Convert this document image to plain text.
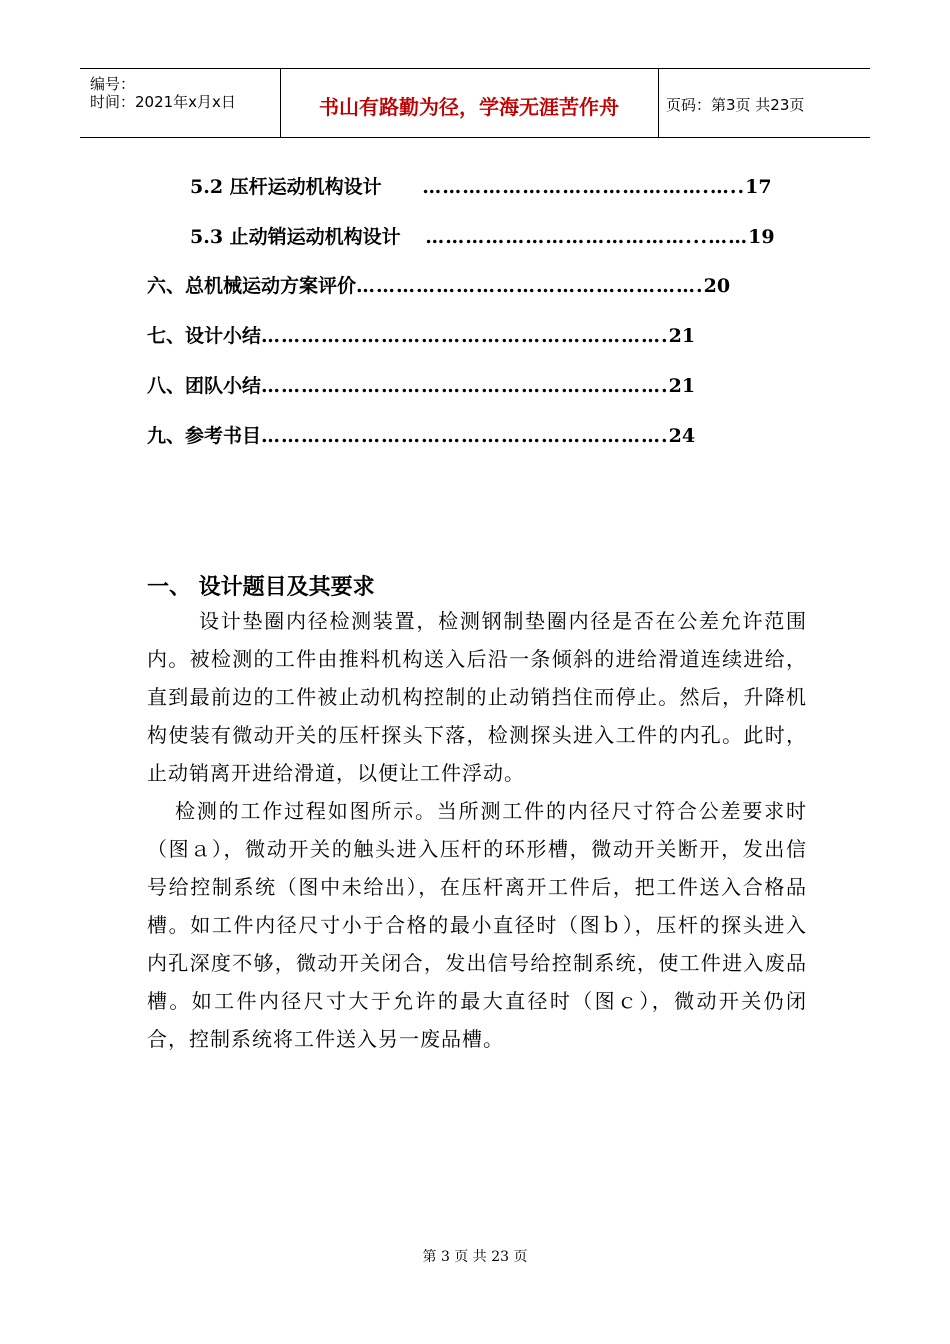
编号：
时间：2021年x月x日	书山有路勤为径，学海无涯苦作舟	页码：第3页 共23页
5.2 压杆运动机构设计 …………………………………….…..17
5.3 止动销运动机构设计 …………………………………...……19
六、总机械运动方案评价…………………………………………….20
七、设计小结…………………………………………………….21
八、团队小结…………………………………………………….21
九、参考书目…………………………………………………….24
一、 设计题目及其要求
设计垫圈内径检测装置，检测钢制垫圈内径是否在公差允许范围内。被检测的工件由推料机构送入后沿一条倾斜的进给滑道连续进给，直到最前边的工件被止动机构控制的止动销挡住而停止。然后，升降机构使装有微动开关的压杆探头下落，检测探头进入工件的内孔。此时，止动销离开进给滑道，以便让工件浮动。
检测的工作过程如图所示。当所测工件的内径尺寸符合公差要求时（图ａ），微动开关的触头进入压杆的环形槽，微动开关断开，发出信号给控制系统（图中未给出），在压杆离开工件后，把工件送入合格品槽。如工件内径尺寸小于合格的最小直径时（图ｂ），压杆的探头进入内孔深度不够，微动开关闭合，发出信号给控制系统，使工件进入废品槽。如工件内径尺寸大于允许的最大直径时（图ｃ），微动开关仍闭合，控制系统将工件送入另一废品槽。
第 3 页 共 23 页
